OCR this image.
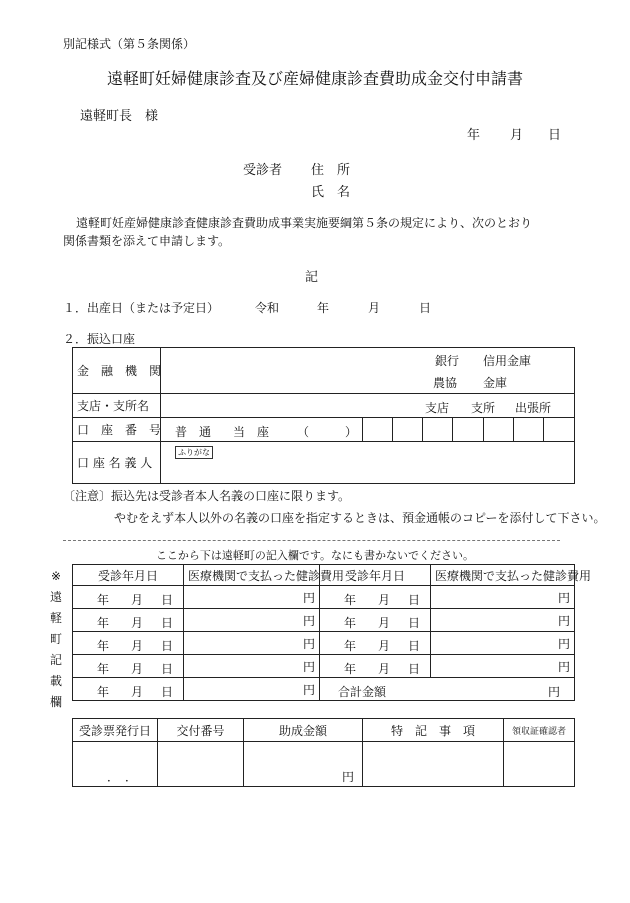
別記様式（第５条関係）
遠軽町妊婦健康診査及び産婦健康診査費助成金交付申請書
遠軽町長　様
年 月 日
受診者 住　所
氏　名
遠軽町妊産婦健康診査健康診査費助成事業実施要綱第５条の規定により、次のとおり
関係書類を添えて申請します。
記
１．出産日（または予定日）	令和	年	月	日
２．振込口座
金　融　機　関	銀行 信用金庫
農協 金庫							

支店・支所名	支店 支所 出張所							

口　座　番　号	普　通 当　座 （　　　）							

口 座 名 義 人	ふりがな							
〔注意〕振込先は受診者本人名義の口座に限ります。
やむをえず本人以外の名義の口座を指定するときは、預金通帳のコピーを添付して下さい。
ここから下は遠軽町の記入欄です。なにも書かないでください。
※
遠
軽
町
記
載
欄
受診年月日	医療機関で支払った健診費用	受診年月日	医療機関で支払った健診費用

年 月 日	円	年 月 日	円

年 月 日	円	年 月 日	円

年 月 日	円	年 月 日	円

年 月 日	円	年 月 日	円

年 月 日	円	合計金額 円	
受診票発行日	交付番号	助成金額	特　記　事　項	領収証確認者

．　．		円		
